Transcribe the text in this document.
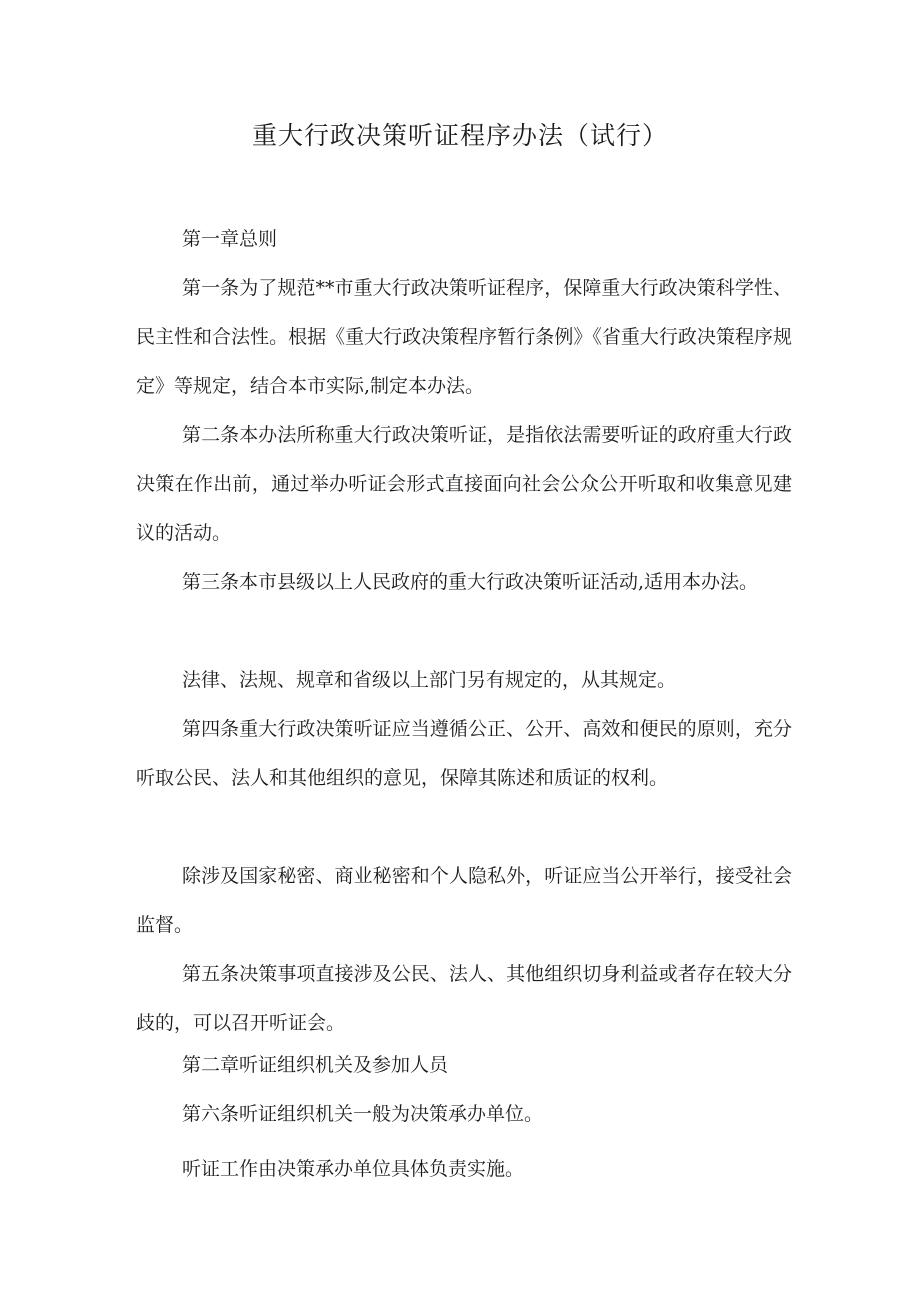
重大行政决策听证程序办法（试行）
第一章总则

第一条为了规范**市重大行政决策听证程序，保障重大行政决策科学性、民主性和合法性。根据《重大行政决策程序暂行条例》《省重大行政决策程序规定》等规定，结合本市实际,制定本办法。

第二条本办法所称重大行政决策听证，是指依法需要听证的政府重大行政决策在作出前，通过举办听证会形式直接面向社会公众公开听取和收集意见建议的活动。

第三条本市县级以上人民政府的重大行政决策听证活动,适用本办法。

法律、法规、规章和省级以上部门另有规定的，从其规定。

第四条重大行政决策听证应当遵循公正、公开、高效和便民的原则，充分听取公民、法人和其他组织的意见，保障其陈述和质证的权利。

除涉及国家秘密、商业秘密和个人隐私外，听证应当公开举行，接受社会监督。

第五条决策事项直接涉及公民、法人、其他组织切身利益或者存在较大分歧的，可以召开听证会。

第二章听证组织机关及参加人员
第六条听证组织机关一般为决策承办单位。
听证工作由决策承办单位具体负责实施。
